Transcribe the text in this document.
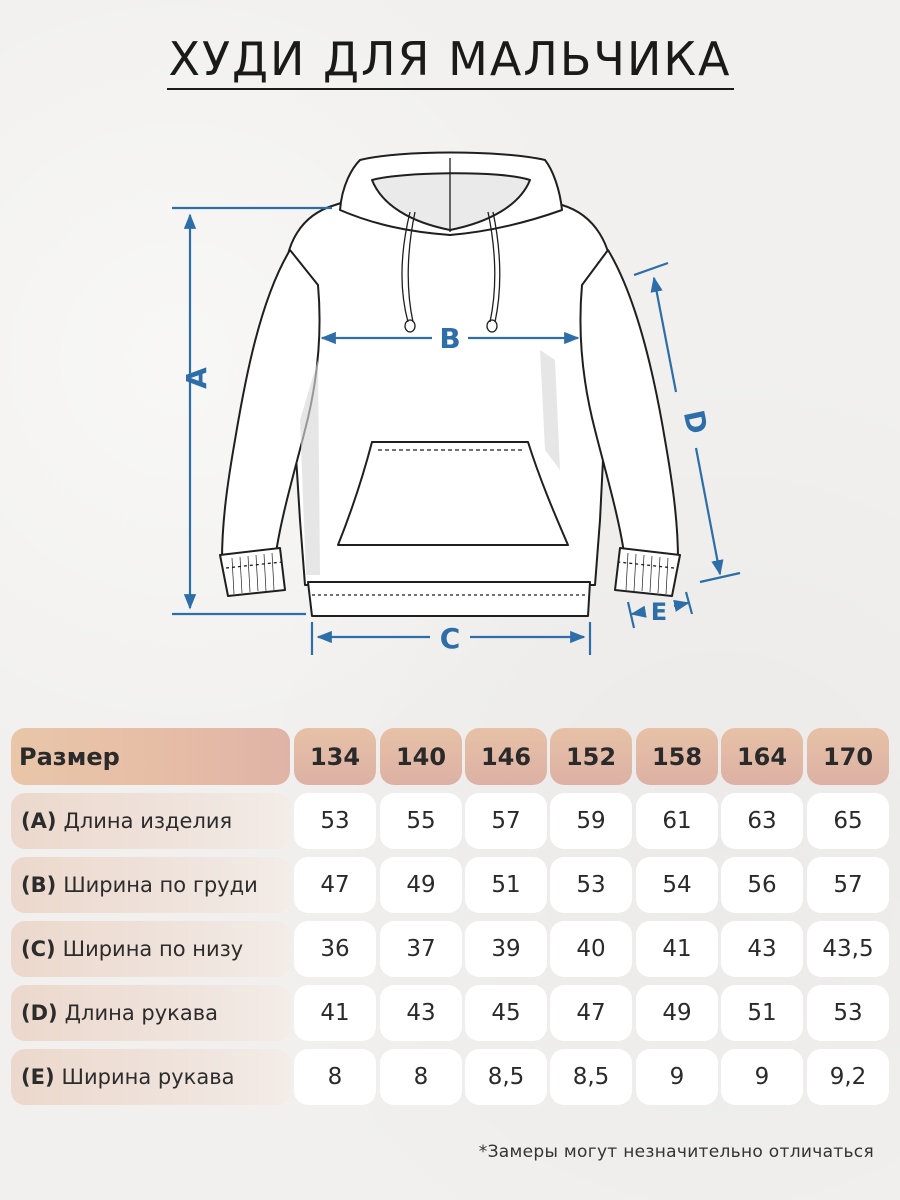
ХУДИ ДЛЯ МАЛЬЧИКА
A
B
C
D
E
Размер	134	140	146	152	158	164	170
(A) Длина изделия	53	55	57	59	61	63	65
(B) Ширина по груди	47	49	51	53	54	56	57
(C) Ширина по низу	36	37	39	40	41	43	43,5
(D) Длина рукава	41	43	45	47	49	51	53
(E) Ширина рукава	8	8	8,5	8,5	9	9	9,2
*Замеры могут незначительно отличаться
